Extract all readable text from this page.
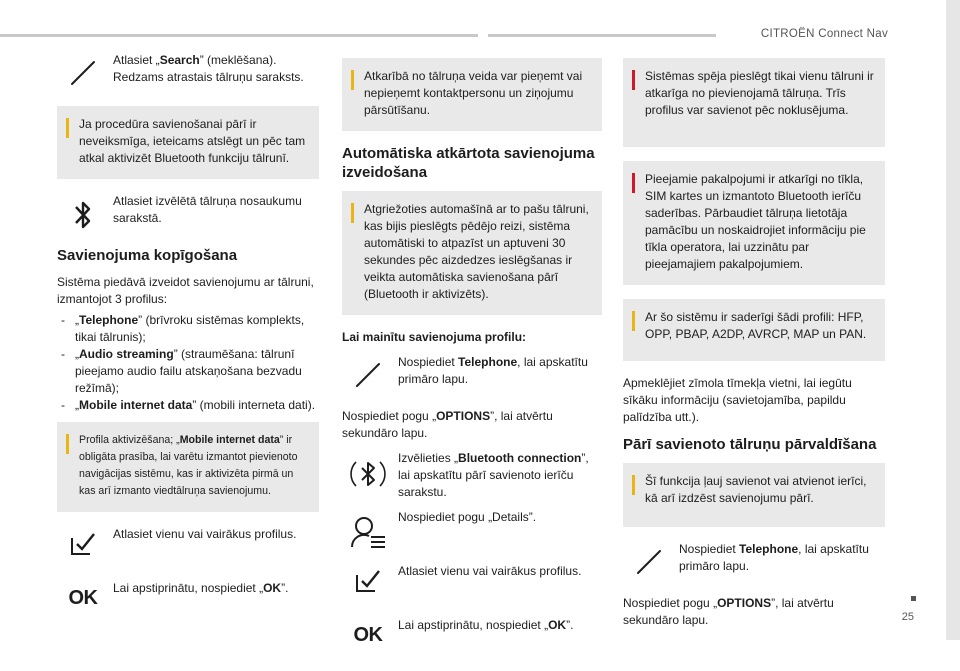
CITROËN Connect Nav
25

Atlasiet „Search” (meklēšana).
Redzams atrastais tālruņu saraksts.

Ja procedūra savienošanai pārī ir neveiksmīga, ieteicams atslēgt un pēc tam atkal aktivizēt Bluetooth funkciju tālrunī.

Atlasiet izvēlētā tālruņa nosaukumu sarakstā.

Savienojuma kopīgošana

Sistēma piedāvā izveidot savienojumu ar tālruni, izmantojot 3 profilus:

- „Telephone” (brīvroku sistēmas komplekts, tikai tālrunis);
- „Audio streaming” (straumēšana: tālrunī pieejamo audio failu atskaņošana bezvadu režīmā);
- „Mobile internet data” (mobili interneta dati).

Profila aktivizēšana; „Mobile internet data” ir obligāta prasība, lai varētu izmantot pievienoto navigācijas sistēmu, kas ir aktivizēta pirmā un kas arī izmanto viedtālruņa savienojumu.

Atlasiet vienu vai vairākus profilus.

OK Lai apstiprinātu, nospiediet „OK”.

Atkarībā no tālruņa veida var pieņemt vai nepieņemt kontaktpersonu un ziņojumu pārsūtīšanu.

Automātiska atkārtota savienojuma izveidošana

Atgriežoties automašīnā ar to pašu tālruni, kas bijis pieslēgts pēdējo reizi, sistēma automātiski to atpazīst un aptuveni 30 sekundes pēc aizdedzes ieslēgšanas ir veikta automātiska savienošana pārī (Bluetooth ir aktivizēts).

Lai mainītu savienojuma profilu:

Nospiediet Telephone, lai apskatītu primāro lapu.

Nospiediet pogu „OPTIONS”, lai atvērtu sekundāro lapu.

Izvēlieties „Bluetooth connection”, lai apskatītu pārī savienoto ierīču sarakstu.

Nospiediet pogu „Details”.

Atlasiet vienu vai vairākus profilus.

OK Lai apstiprinātu, nospiediet „OK”.

Sistēmas spēja pieslēgt tikai vienu tālruni ir atkarīga no pievienojamā tālruņa. Trīs profilus var savienot pēc noklusējuma.

Pieejamie pakalpojumi ir atkarīgi no tīkla, SIM kartes un izmantoto Bluetooth ierīču saderības. Pārbaudiet tālruņa lietotāja pamācību un noskaidrojiet informāciju pie tīkla operatora, lai uzzinātu par pieejamajiem pakalpojumiem.

Ar šo sistēmu ir saderīgi šādi profili: HFP, OPP, PBAP, A2DP, AVRCP, MAP un PAN.

Apmeklējiet zīmola tīmekļa vietni, lai iegūtu sīkāku informāciju (savietojamība, papildu palīdzība utt.).

Pārī savienoto tālruņu pārvaldīšana

Šī funkcija ļauj savienot vai atvienot ierīci, kā arī izdzēst savienojumu pārī.

Nospiediet Telephone, lai apskatītu primāro lapu.

Nospiediet pogu „OPTIONS”, lai atvērtu sekundāro lapu.
